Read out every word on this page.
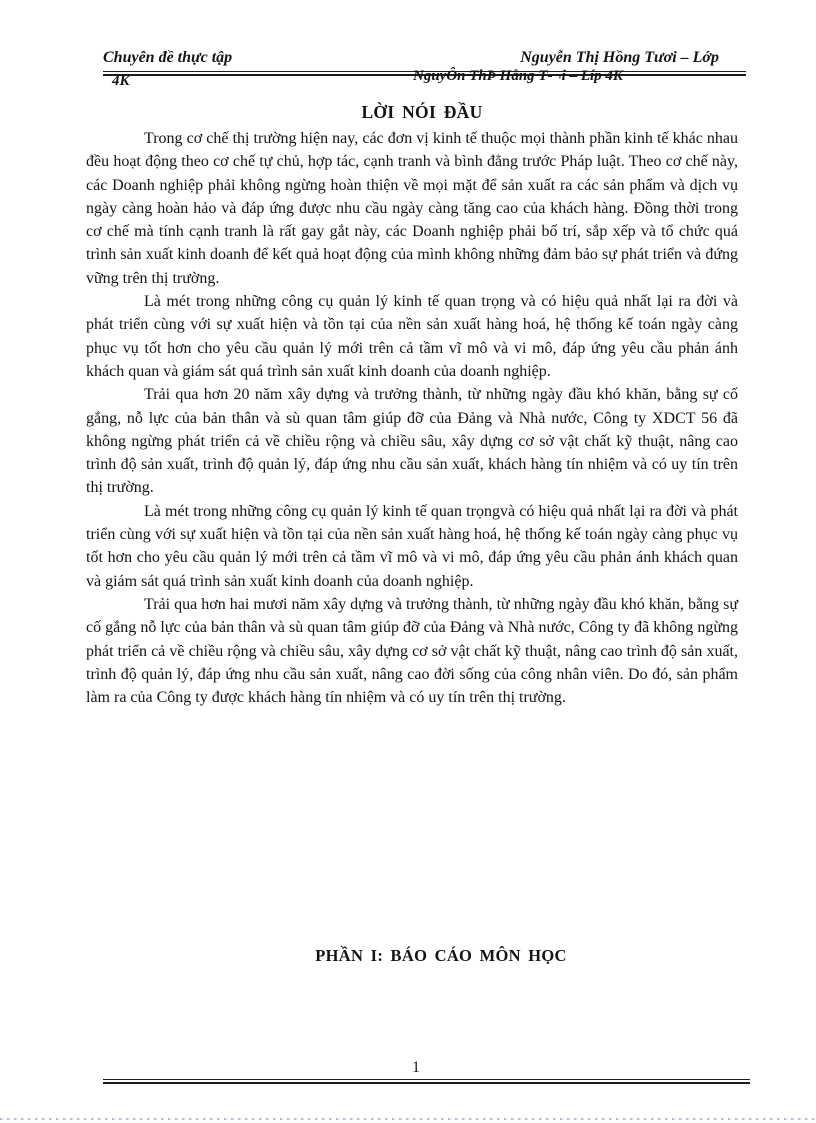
Chuyên đề thực tập	Nguyễn Thị Hồng Tươi – Lớp
4K	NguyÔn ThÞ Hång T‑¬i – Líp 4K
LỜI NÓI ĐẦU

Trong cơ chế thị trường hiện nay, các đơn vị kinh tế thuộc mọi thành phần kinh tế khác nhau đều hoạt động theo cơ chế tự chủ, hợp tác, cạnh tranh và bình đẳng trước Pháp luật. Theo cơ chế này, các Doanh nghiệp phải không ngừng hoàn thiện về mọi mặt để sản xuất ra các sản phẩm và dịch vụ ngày càng hoàn hảo và đáp ứng được nhu cầu ngày càng tăng cao của khách hàng. Đồng thời trong cơ chế mà tính cạnh tranh là rất gay gắt này, các Doanh nghiệp phải bố trí, sắp xếp và tổ chức quá trình sản xuất kinh doanh để kết quả hoạt động của mình không những đảm bảo sự phát triển và đứng vững trên thị trường.

Là mét trong những công cụ quản lý kinh tế quan trọng và có hiệu quả nhất lại ra đời và phát triển cùng với sự xuất hiện và tồn tại của nền sản xuất hàng hoá, hệ thống kế toán ngày càng phục vụ tốt hơn cho yêu cầu quản lý mới trên cả tầm vĩ mô và vi mô, đáp ứng yêu cầu phản ánh khách quan và giám sát quá trình sản xuất kinh doanh của doanh nghiệp.

Trải qua hơn 20 năm xây dựng và trưởng thành, từ những ngày đầu khó khăn, bằng sự cố gắng, nỗ lực của bản thân và sù quan tâm giúp đỡ của Đảng và Nhà nước, Công ty XDCT 56 đã không ngừng phát triển cả về chiều rộng và chiều sâu, xây dựng cơ sở vật chất kỹ thuật, nâng cao trình độ sản xuất, trình độ quản lý, đáp ứng nhu cầu sản xuất, khách hàng tín nhiệm và có uy tín trên thị trường.

Là mét trong những công cụ quản lý kinh tế quan trọngvà có hiệu quả nhất lại ra đời và phát triển cùng với sự xuất hiện và tồn tại của nền sản xuất hàng hoá, hệ thống kế toán ngày càng phục vụ tốt hơn cho yêu cầu quản lý mới trên cả tầm vĩ mô và vi mô, đáp ứng yêu cầu phản ánh khách quan và giám sát quá trình sản xuất kinh doanh của doanh nghiệp.

Trải qua hơn hai mươi năm xây dựng và trưởng thành, từ những ngày đầu khó khăn, bằng sự cố gắng nỗ lực của bản thân và sù quan tâm giúp đỡ của Đảng và Nhà nước, Công ty đã không ngừng phát triển cả về chiều rộng và chiều sâu, xây dựng cơ sở vật chất kỹ thuật, nâng cao trình độ sản xuất, trình độ quản lý, đáp ứng nhu cầu sản xuất, nâng cao đời sống của công nhân viên. Do đó, sản phẩm làm ra của Công ty được khách hàng tín nhiệm và có uy tín trên thị trường.

PHẦN I: BÁO CÁO MÔN HỌC
1
